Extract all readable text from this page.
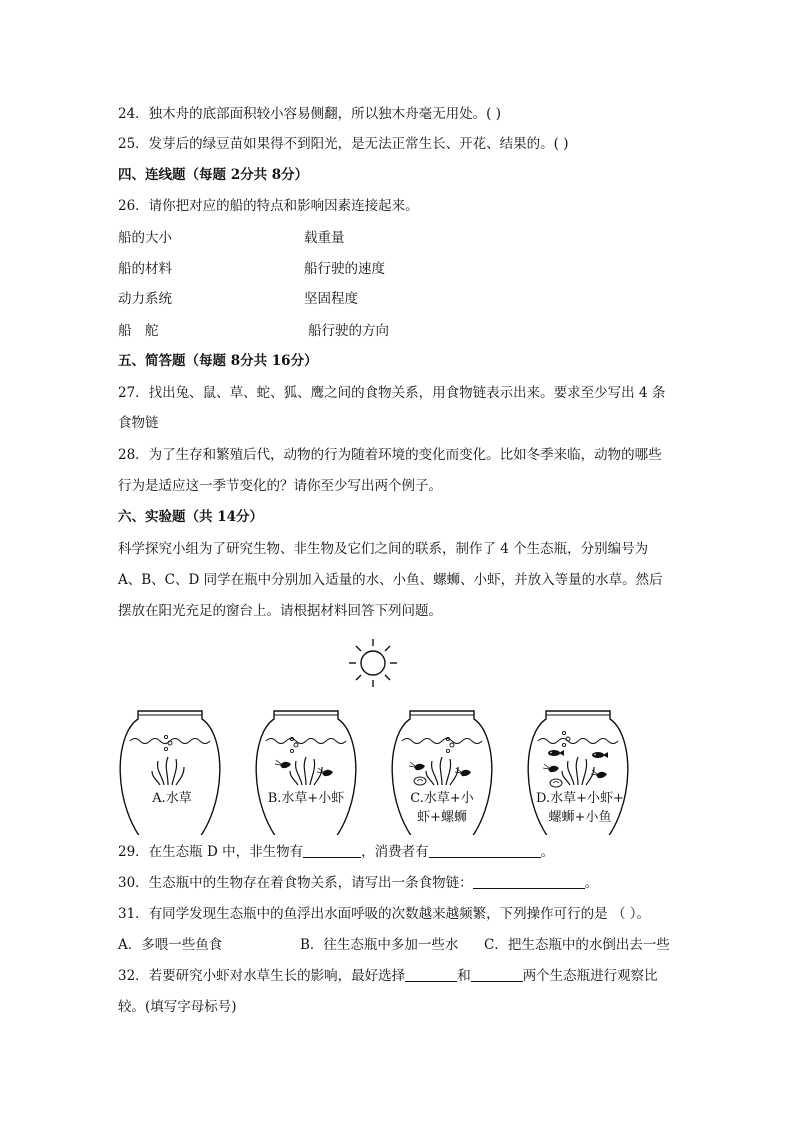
24．独木舟的底部面积较小容易侧翻，所以独木舟毫无用处。( )
25．发芽后的绿豆苗如果得不到阳光，是无法正常生长、开花、结果的。( )
四、连线题（每题 2分共 8分）
26．请你把对应的船的特点和影响因素连接起来。
船的大小	载重量
船的材料	船行驶的速度
动力系统	坚固程度
船　舵	船行驶的方向
五、简答题（每题 8分共 16分）
27．找出兔、鼠、草、蛇、狐、鹰之间的食物关系，用食物链表示出来。要求至少写出 4 条
食物链
28．为了生存和繁殖后代，动物的行为随着环境的变化而变化。比如冬季来临，动物的哪些
行为是适应这一季节变化的？请你至少写出两个例子。
六、实验题（共 14分）
科学探究小组为了研究生物、非生物及它们之间的联系，制作了 4 个生态瓶，分别编号为
A、B、C、D 同学在瓶中分别加入适量的水、小鱼、螺蛳、小虾，并放入等量的水草。然后
摆放在阳光充足的窗台上。请根据材料回答下列问题。
A.水草	B.水草+小虾	C.水草+小
虾+螺蛳
D.水草+小虾+
螺蛳+小鱼
29．在生态瓶 D 中，非生物有	，消费者有	。
30．生态瓶中的生物存在着食物关系，请写出一条食物链：	。
31．有同学发现生态瓶中的鱼浮出水面呼吸的次数越来越频繁，下列操作可行的是 （ ）。
A．多喂一些鱼食	B．往生态瓶中多加一些水 C．把生态瓶中的水倒出去一些
32．若要研究小虾对水草生长的影响，最好选择	和	两个生态瓶进行观察比
较。(填写字母标号)
